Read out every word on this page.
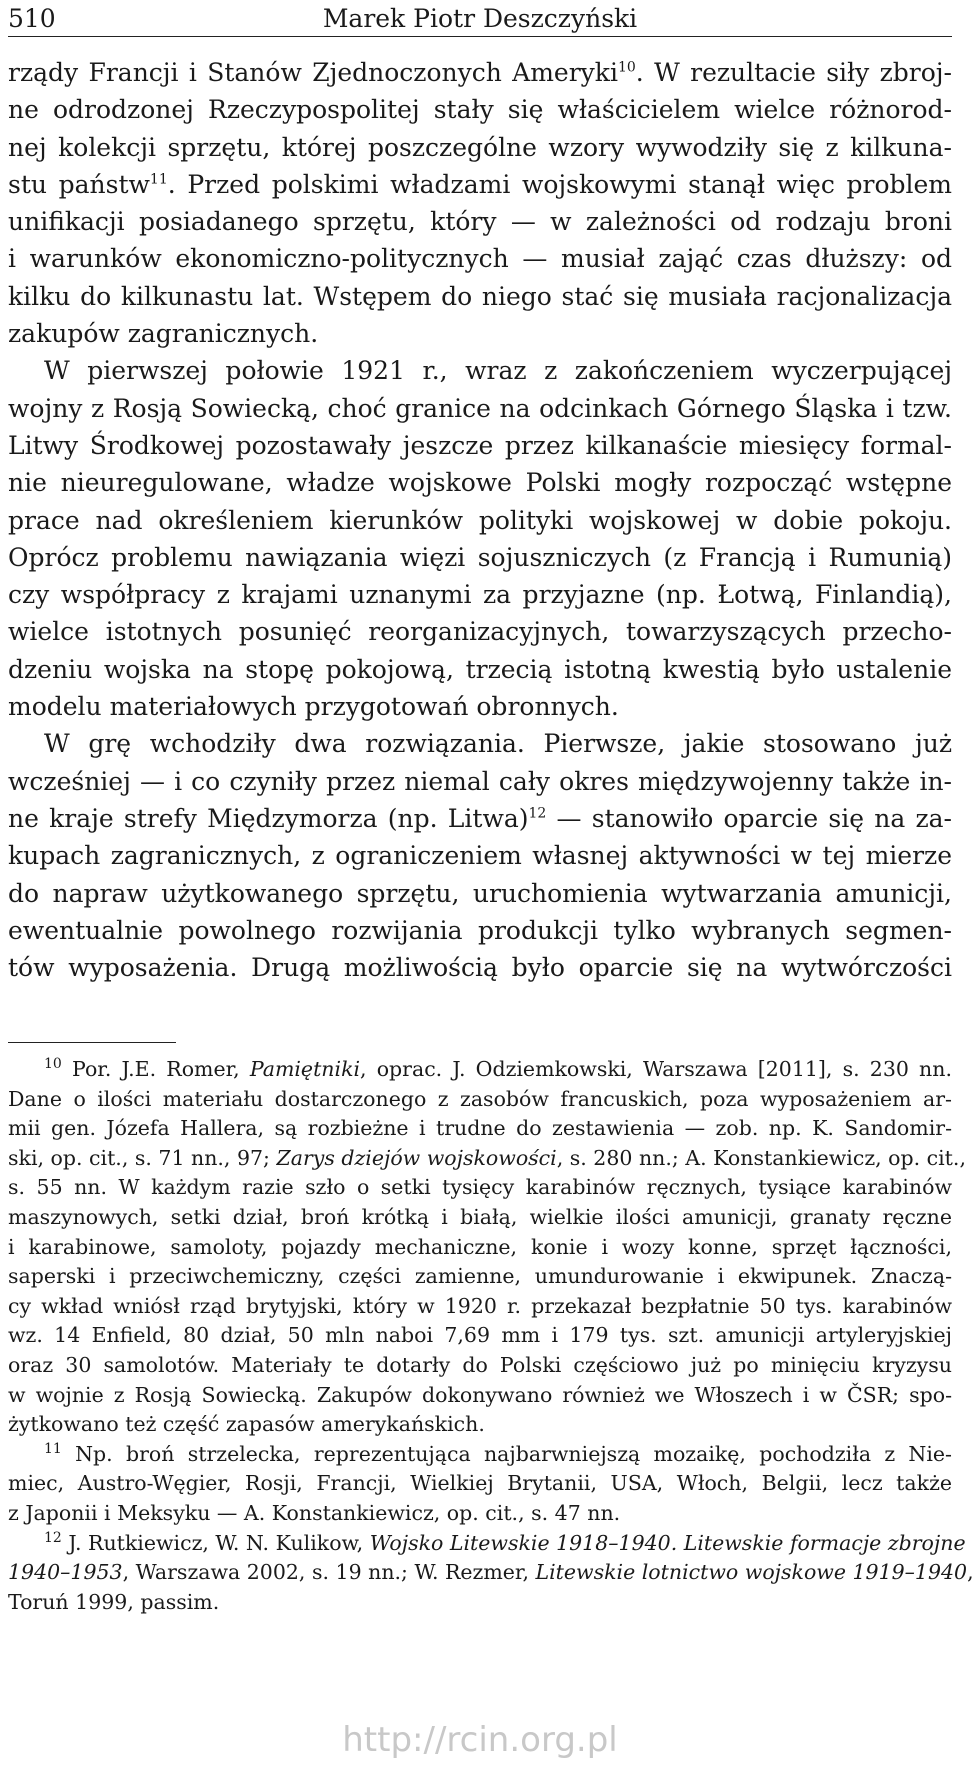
510	Marek Piotr Deszczyński
rządy Francji i Stanów Zjednoczonych Ameryki$^{10}$. W rezultacie siły zbroj-
ne odrodzonej Rzeczypospolitej stały się właścicielem wielce różnorod-
nej kolekcji sprzętu, której poszczególne wzory wywodziły się z kilkuna-
stu państw$^{11}$. Przed polskimi władzami wojskowymi stanął więc problem
unifikacji posiadanego sprzętu, który — w zależności od rodzaju broni
i warunków ekonomiczno-politycznych — musiał zająć czas dłuższy: od
kilku do kilkunastu lat. Wstępem do niego stać się musiała racjonalizacja
zakupów zagranicznych.
W pierwszej połowie 1921 r., wraz z zakończeniem wyczerpującej
wojny z Rosją Sowiecką, choć granice na odcinkach Górnego Śląska i tzw.
Litwy Środkowej pozostawały jeszcze przez kilkanaście miesięcy formal-
nie nieuregulowane, władze wojskowe Polski mogły rozpocząć wstępne
prace nad określeniem kierunków polityki wojskowej w dobie pokoju.
Oprócz problemu nawiązania więzi sojuszniczych (z Francją i Rumunią)
czy współpracy z krajami uznanymi za przyjazne (np. Łotwą, Finlandią),
wielce istotnych posunięć reorganizacyjnych, towarzyszących przecho-
dzeniu wojska na stopę pokojową, trzecią istotną kwestią było ustalenie
modelu materiałowych przygotowań obronnych.
W grę wchodziły dwa rozwiązania. Pierwsze, jakie stosowano już
wcześniej — i co czyniły przez niemal cały okres międzywojenny także in-
ne kraje strefy Międzymorza (np. Litwa)$^{12}$ — stanowiło oparcie się na za-
kupach zagranicznych, z ograniczeniem własnej aktywności w tej mierze
do napraw użytkowanego sprzętu, uruchomienia wytwarzania amunicji,
ewentualnie powolnego rozwijania produkcji tylko wybranych segmen-
tów wyposażenia. Drugą możliwością było oparcie się na wytwórczości
$^{10}$ Por. J.E. Romer, Pamiętniki, oprac. J. Odziemkowski, Warszawa [2011], s. 230 nn.
Dane o ilości materiału dostarczonego z zasobów francuskich, poza wyposażeniem ar-
mii gen. Józefa Hallera, są rozbieżne i trudne do zestawienia — zob. np. K. Sandomir-
ski, op. cit., s. 71 nn., 97; Zarys dziejów wojskowości, s. 280 nn.; A. Konstankiewicz, op. cit.,
s. 55 nn. W każdym razie szło o setki tysięcy karabinów ręcznych, tysiące karabinów
maszynowych, setki dział, broń krótką i białą, wielkie ilości amunicji, granaty ręczne
i karabinowe, samoloty, pojazdy mechaniczne, konie i wozy konne, sprzęt łączności,
saperski i przeciwchemiczny, części zamienne, umundurowanie i ekwipunek. Znaczą-
cy wkład wniósł rząd brytyjski, który w 1920 r. przekazał bezpłatnie 50 tys. karabinów
wz. 14 Enfield, 80 dział, 50 mln naboi 7,69 mm i 179 tys. szt. amunicji artyleryjskiej
oraz 30 samolotów. Materiały te dotarły do Polski częściowo już po minięciu kryzysu
w wojnie z Rosją Sowiecką. Zakupów dokonywano również we Włoszech i w ČSR; spo-
żytkowano też część zapasów amerykańskich.
$^{11}$ Np. broń strzelecka, reprezentująca najbarwniejszą mozaikę, pochodziła z Nie-
miec, Austro-Węgier, Rosji, Francji, Wielkiej Brytanii, USA, Włoch, Belgii, lecz także
z Japonii i Meksyku — A. Konstankiewicz, op. cit., s. 47 nn.
$^{12}$ J. Rutkiewicz, W. N. Kulikow, Wojsko Litewskie 1918–1940. Litewskie formacje zbrojne
1940–1953, Warszawa 2002, s. 19 nn.; W. Rezmer, Litewskie lotnictwo wojskowe 1919–1940,
Toruń 1999, passim.
http://rcin.org.pl
